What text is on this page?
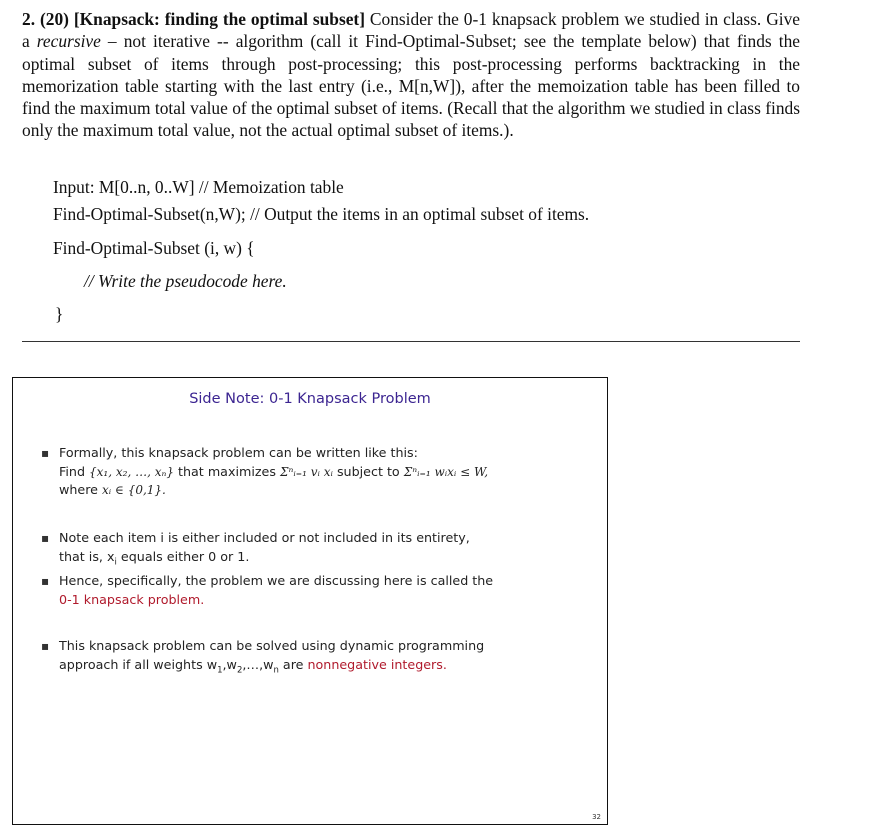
2. (20) [Knapsack: finding the optimal subset] Consider the 0-1 knapsack problem we studied in class. Give a recursive – not iterative -- algorithm (call it Find-Optimal-Subset; see the template below) that finds the optimal subset of items through post-processing; this post-processing performs backtracking in the memorization table starting with the last entry (i.e., M[n,W]), after the memoization table has been filled to find the maximum total value of the optimal subset of items. (Recall that the algorithm we studied in class finds only the maximum total value, not the actual optimal subset of items.).

Input: M[0..n, 0..W] // Memoization table
Find-Optimal-Subset(n,W); // Output the items in an optimal subset of items.
Find-Optimal-Subset (i, w) {
// Write the pseudocode here.
}
Side Note: 0-1 Knapsack Problem
▪ Formally, this knapsack problem can be written like this:
Find {x₁, x₂, …, xₙ} that maximizes Σⁿᵢ₌₁ vᵢ xᵢ subject to Σⁿᵢ₌₁ wᵢxᵢ ≤ W,
where xᵢ ∈ {0,1}.
▪ Note each item i is either included or not included in its entirety,
that is, $x_i$ equals either 0 or 1.
▪ Hence, specifically, the problem we are discussing here is called the
0-1 knapsack problem.
▪ This knapsack problem can be solved using dynamic programming
approach if all weights $w_1,w_2,\dots,w_n$ are nonnegative integers.
32
